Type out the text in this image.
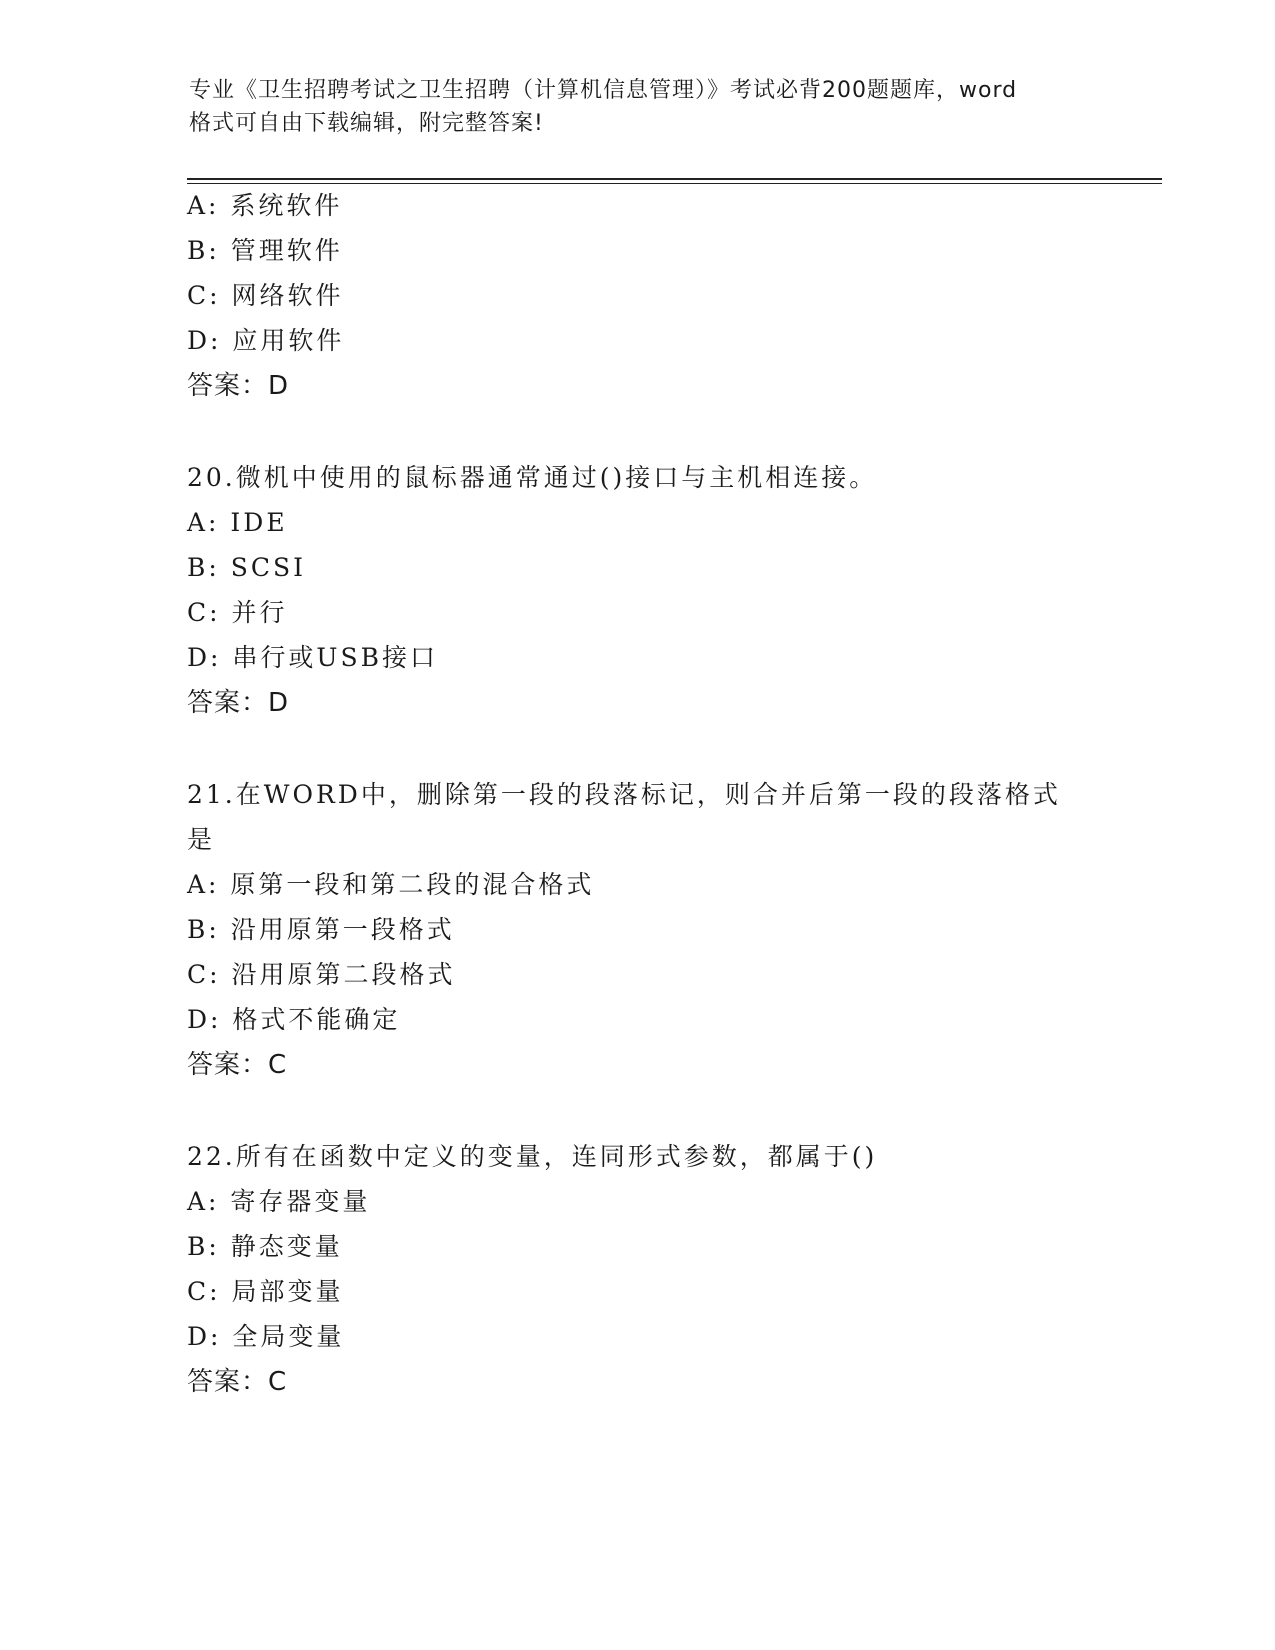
专业《卫生招聘考试之卫生招聘（计算机信息管理）》考试必背200题题库，word
格式可自由下载编辑，附完整答案!
A: 系统软件
B: 管理软件
C: 网络软件
D: 应用软件
答案：D
20.微机中使用的鼠标器通常通过()接口与主机相连接。
A: IDE
B: SCSI
C: 并行
D: 串行或USB接口
答案：D
21.在WORD中，删除第一段的段落标记，则合并后第一段的段落格式
是
A: 原第一段和第二段的混合格式
B: 沿用原第一段格式
C: 沿用原第二段格式
D: 格式不能确定
答案：C
22.所有在函数中定义的变量，连同形式参数，都属于()
A: 寄存器变量
B: 静态变量
C: 局部变量
D: 全局变量
答案：C
